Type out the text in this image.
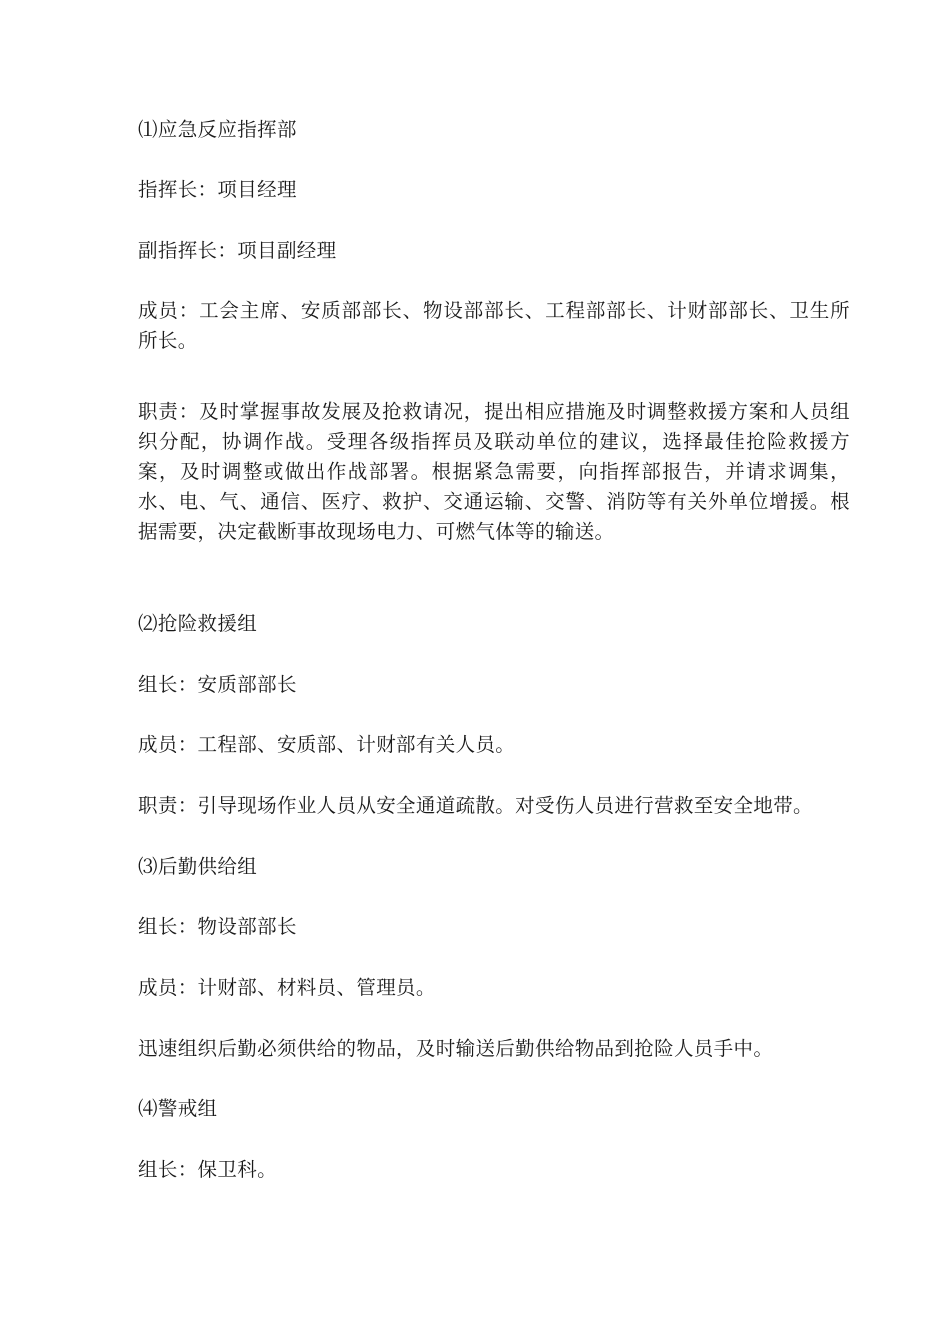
⑴应急反应指挥部
指挥长：项目经理
副指挥长：项目副经理
成员：工会主席、安质部部长、物设部部长、工程部部长、计财部部长、卫生所所长。
职责：及时掌握事故发展及抢救请况，提出相应措施及时调整救援方案和人员组织分配，协调作战。受理各级指挥员及联动单位的建议，选择最佳抢险救援方案，及时调整或做出作战部署。根据紧急需要，向指挥部报告，并请求调集，水、电、气、通信、医疗、救护、交通运输、交警、消防等有关外单位增援。根据需要，决定截断事故现场电力、可燃气体等的输送。
⑵抢险救援组
组长：安质部部长
成员：工程部、安质部、计财部有关人员。
职责：引导现场作业人员从安全通道疏散。对受伤人员进行营救至安全地带。
⑶后勤供给组
组长：物设部部长
成员：计财部、材料员、管理员。
迅速组织后勤必须供给的物品，及时输送后勤供给物品到抢险人员手中。
⑷警戒组
组长：保卫科。
